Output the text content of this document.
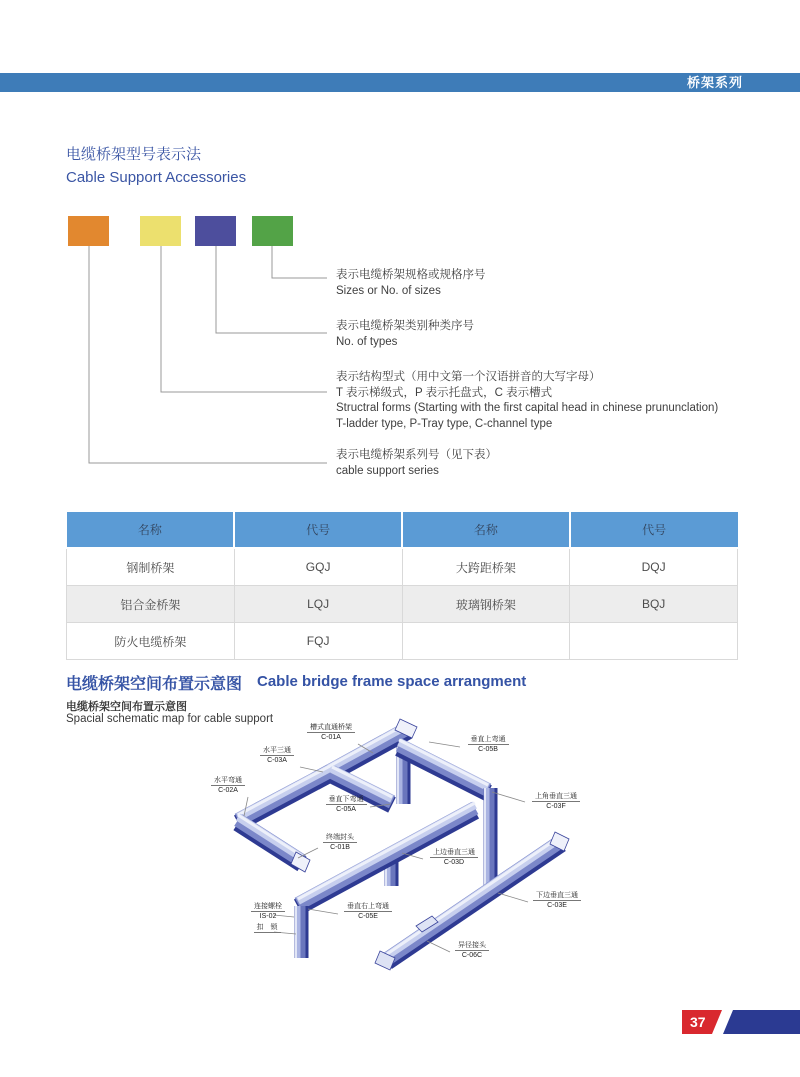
桥架系列
电缆桥架型号表示法
Cable Support Accessories
表示电缆桥架规格或规格序号
Sizes or No. of sizes
表示电缆桥架类别种类序号
No. of types
表示结构型式（用中文第一个汉语拼音的大写字母）
T 表示梯级式，P 表示托盘式，C 表示槽式
Structral forms (Starting with the first capital head in chinese prununclation)
T-ladder type, P-Tray type, C-channel type
表示电缆桥架系列号（见下表）
cable support series
名称	代号	名称	代号
钢制桥架	GQJ	大跨距桥架	DQJ
铝合金桥架	LQJ	玻璃钢桥架	BQJ
防火电缆桥架	FQJ		
电缆桥架空间布置示意图 Cable bridge frame space arrangment
电缆桥架空间布置示意图
Spacial schematic map for cable support
槽式直通桥架
C-01A
水平三通
C-03A
水平弯通
C-02A
垂直下弯通
C-05A
垂直上弯通
C-05B
上角垂直三通
C-03F
终端封头
C-01B
上边垂直三通
C-03D
连接螺栓
IS-02
扣　锁
垂直右上弯通
C-05E
下边垂直三通
C-03E
异径接头
C-06C
37
